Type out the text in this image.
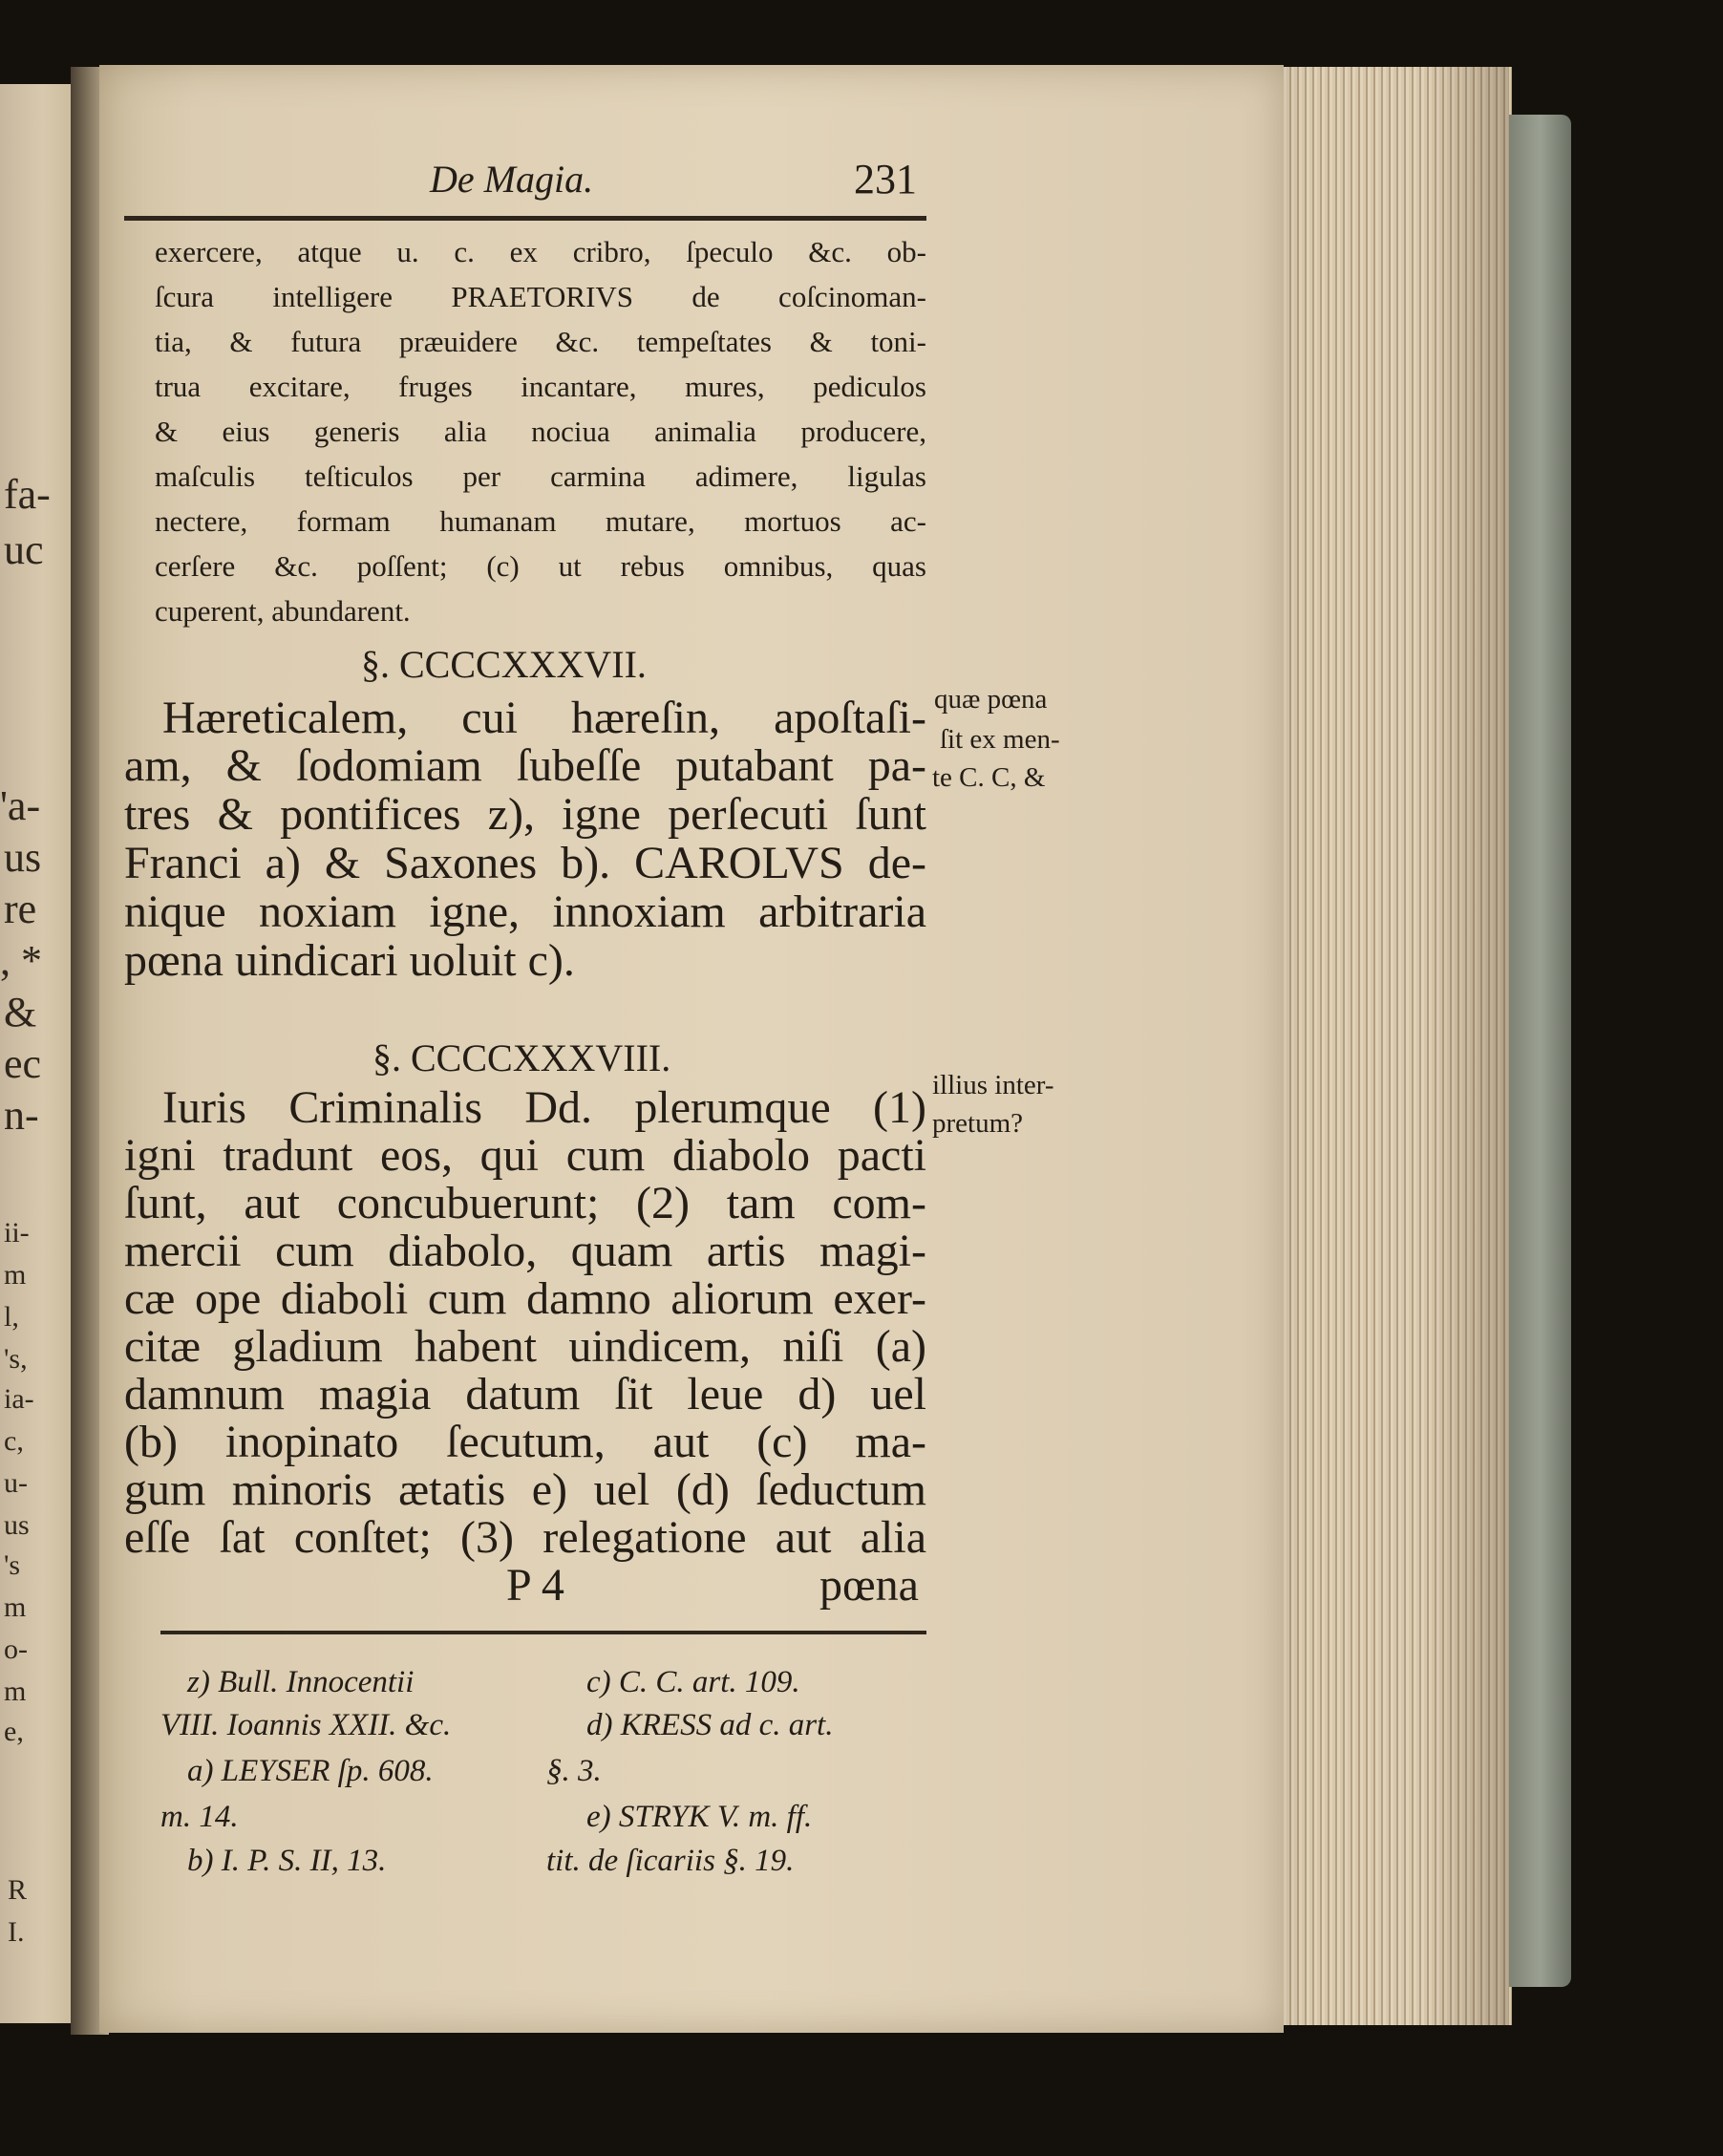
fa-
uc
'a-
us
re
, *
&
ec
n-
ii-
m
l,
's,
ia-
c,
u-
us
's
m
o-
m
e,
R
I.
De Magia.	231
exercere, atque u. c. ex cribro, ſpeculo &c. ob-
ſcura intelligere PRAETORIVS de coſcinoman-
tia, & futura præuidere &c. tempeſtates & toni-
trua excitare, fruges incantare, mures, pediculos
& eius generis alia nociua animalia producere,
maſculis teſticulos per carmina adimere, ligulas
nectere, formam humanam mutare, mortuos ac-
cerſere &c. poſſent; (c) ut rebus omnibus, quas
cuperent, abundarent.
§. CCCCXXXVII.
Hæreticalem, cui hæreſin, apoſtaſi-
am, & ſodomiam ſubeſſe putabant pa-
tres & pontifices z), igne perſecuti ſunt
Franci a) & Saxones b). CAROLVS de-
nique noxiam igne, innoxiam arbitraria
pœna uindicari uoluit c).
quæ pœna
ſit ex men-
te C. C, &
§. CCCCXXXVIII.
Iuris Criminalis Dd. plerumque (1)
igni tradunt eos, qui cum diabolo pacti
ſunt, aut concubuerunt; (2) tam com-
mercii cum diabolo, quam artis magi-
cæ ope diaboli cum damno aliorum exer-
citæ gladium habent uindicem, niſi (a)
damnum magia datum ſit leue d) uel
(b) inopinato ſecutum, aut (c) ma-
gum minoris ætatis e) uel (d) ſeductum
eſſe ſat conſtet; (3) relegatione aut alia
illius inter-
pretum?
P 4	pœna
z) Bull. Innocentii
VIII. Ioannis XXII. &c.
a) LEYSER ſp. 608.
m. 14.
b) I. P. S. II, 13.
c) C. C. art. 109.
d) KRESS ad c. art.
§. 3.
e) STRYK V. m. ff.
tit. de ſicariis §. 19.
